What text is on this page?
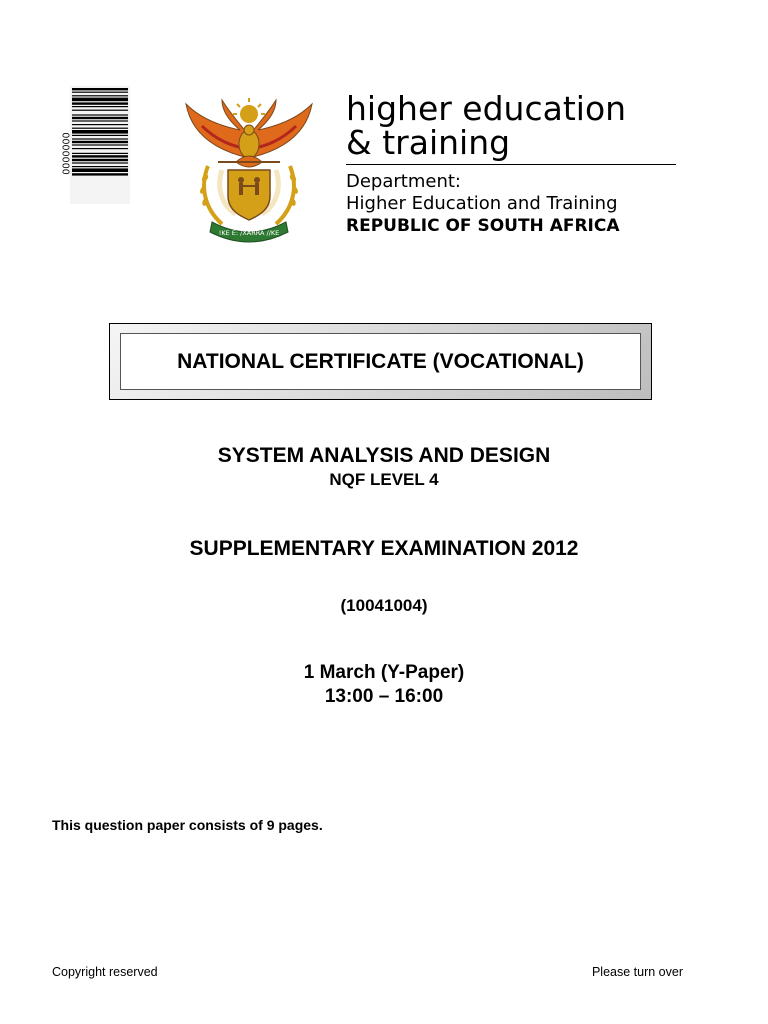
0000000
!KE E: /XARRA //KE

higher education

& training

Department:

Higher Education and Training

REPUBLIC OF SOUTH AFRICA

NATIONAL CERTIFICATE (VOCATIONAL)
SYSTEM ANALYSIS AND DESIGN
NQF LEVEL 4
SUPPLEMENTARY EXAMINATION 2012
(10041004)
1 March (Y-Paper)
13:00 – 16:00
This question paper consists of 9 pages.
Copyright reserved	Please turn over
